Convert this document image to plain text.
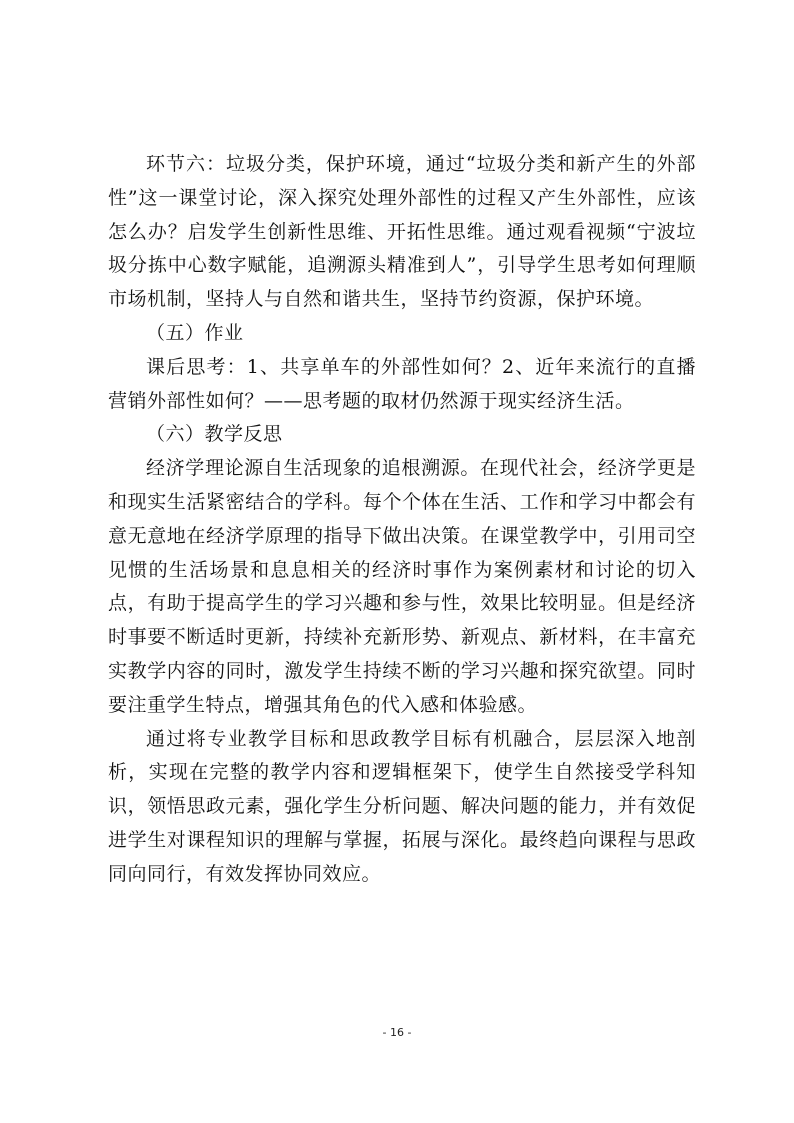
环节六：垃圾分类，保护环境，通过“垃圾分类和新产生的外部性”这一课堂讨论，深入探究处理外部性的过程又产生外部性，应该怎么办？启发学生创新性思维、开拓性思维。通过观看视频“宁波垃圾分拣中心数字赋能，追溯源头精准到人”，引导学生思考如何理顺市场机制，坚持人与自然和谐共生，坚持节约资源，保护环境。

（五）作业

课后思考：1、共享单车的外部性如何？2、近年来流行的直播营销外部性如何？——思考题的取材仍然源于现实经济生活。

（六）教学反思

经济学理论源自生活现象的追根溯源。在现代社会，经济学更是和现实生活紧密结合的学科。每个个体在生活、工作和学习中都会有意无意地在经济学原理的指导下做出决策。在课堂教学中，引用司空见惯的生活场景和息息相关的经济时事作为案例素材和讨论的切入点，有助于提高学生的学习兴趣和参与性，效果比较明显。但是经济时事要不断适时更新，持续补充新形势、新观点、新材料，在丰富充实教学内容的同时，激发学生持续不断的学习兴趣和探究欲望。同时要注重学生特点，增强其角色的代入感和体验感。

通过将专业教学目标和思政教学目标有机融合，层层深入地剖析，实现在完整的教学内容和逻辑框架下，使学生自然接受学科知识，领悟思政元素，强化学生分析问题、解决问题的能力，并有效促进学生对课程知识的理解与掌握，拓展与深化。最终趋向课程与思政同向同行，有效发挥协同效应。

- 16 -
